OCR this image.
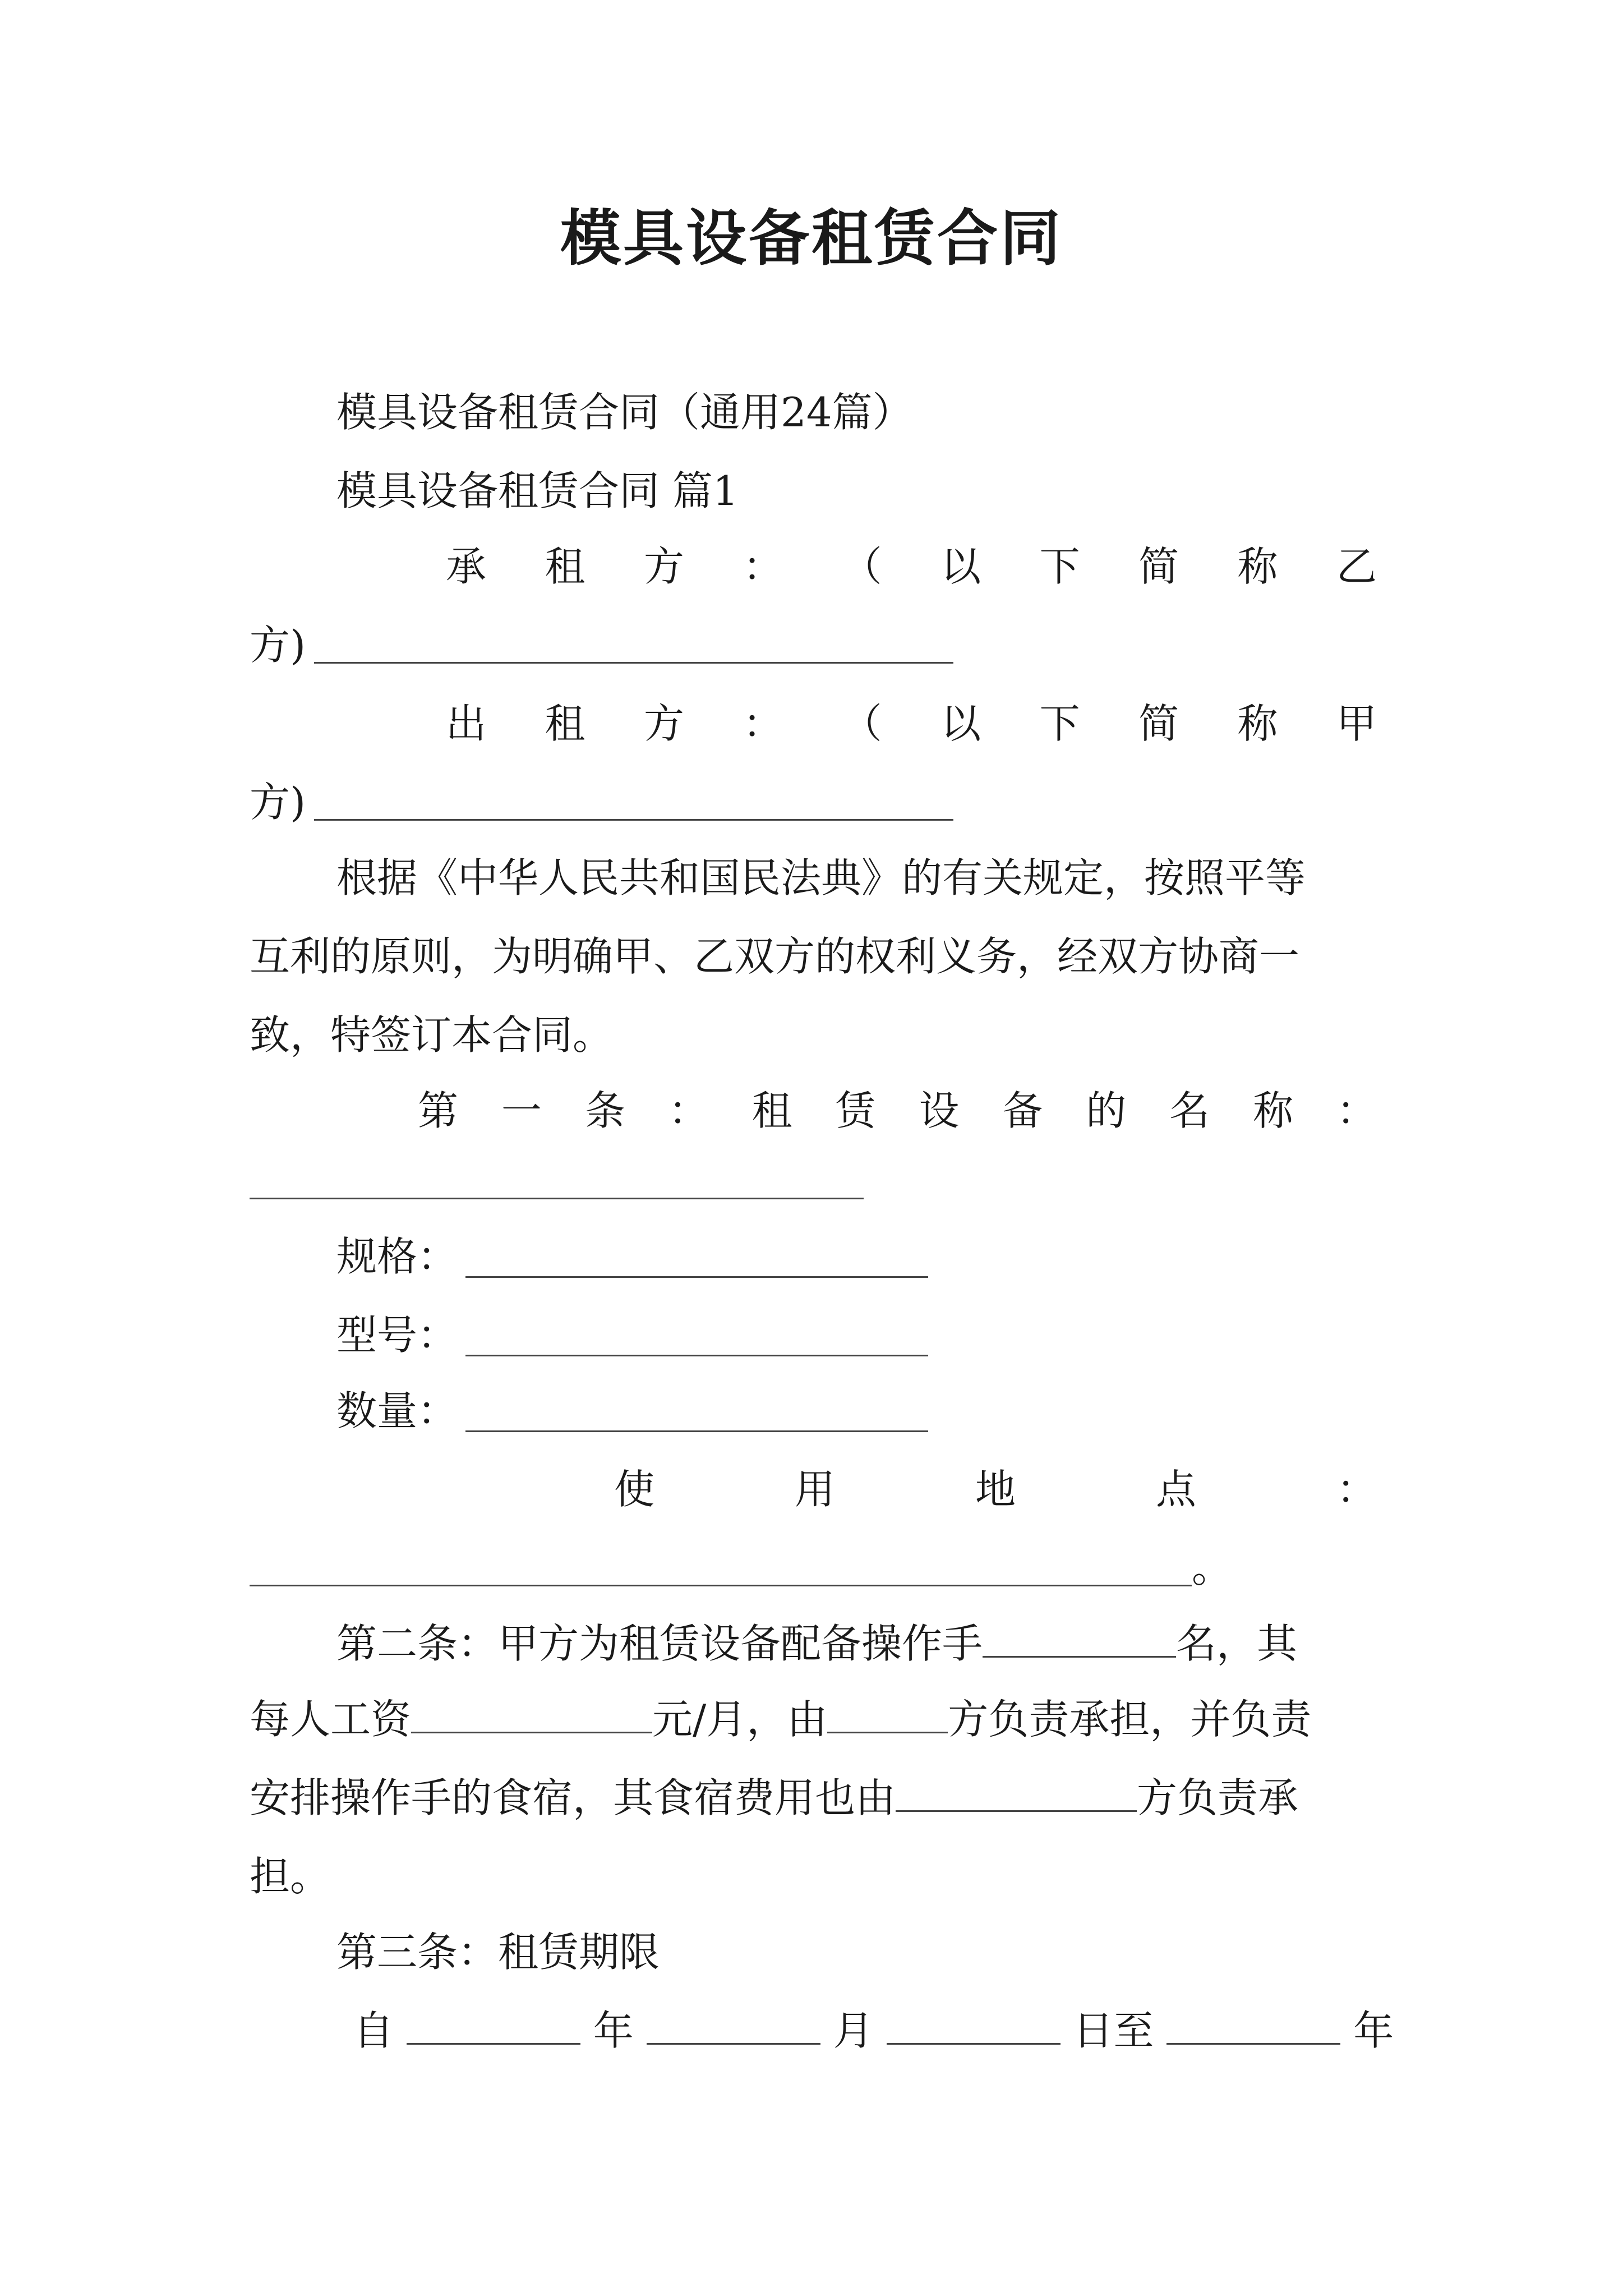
模具设备租赁合同
模具设备租赁合同（通用24篇）
模具设备租赁合同 篇1
承 租 方 ： （ 以 下 简 称 乙
方)
出 租 方 ： （ 以 下 简 称 甲
方)
根据《中华人民共和国民法典》的有关规定，按照平等
互利的原则，为明确甲、乙双方的权利义务，经双方协商一
致，特签订本合同。
第 一 条 ： 租 赁 设 备 的 名 称 ：
规格：
型号：
数量：
使	用	地	点	：
。
第二条：甲方为租赁设备配备操作手	名，其
每人工资	元/月，由	方负责承担，并负责
安排操作手的食宿，其食宿费用也由	方负责承
担。
第三条：租赁期限
自	年	月	日至	年
